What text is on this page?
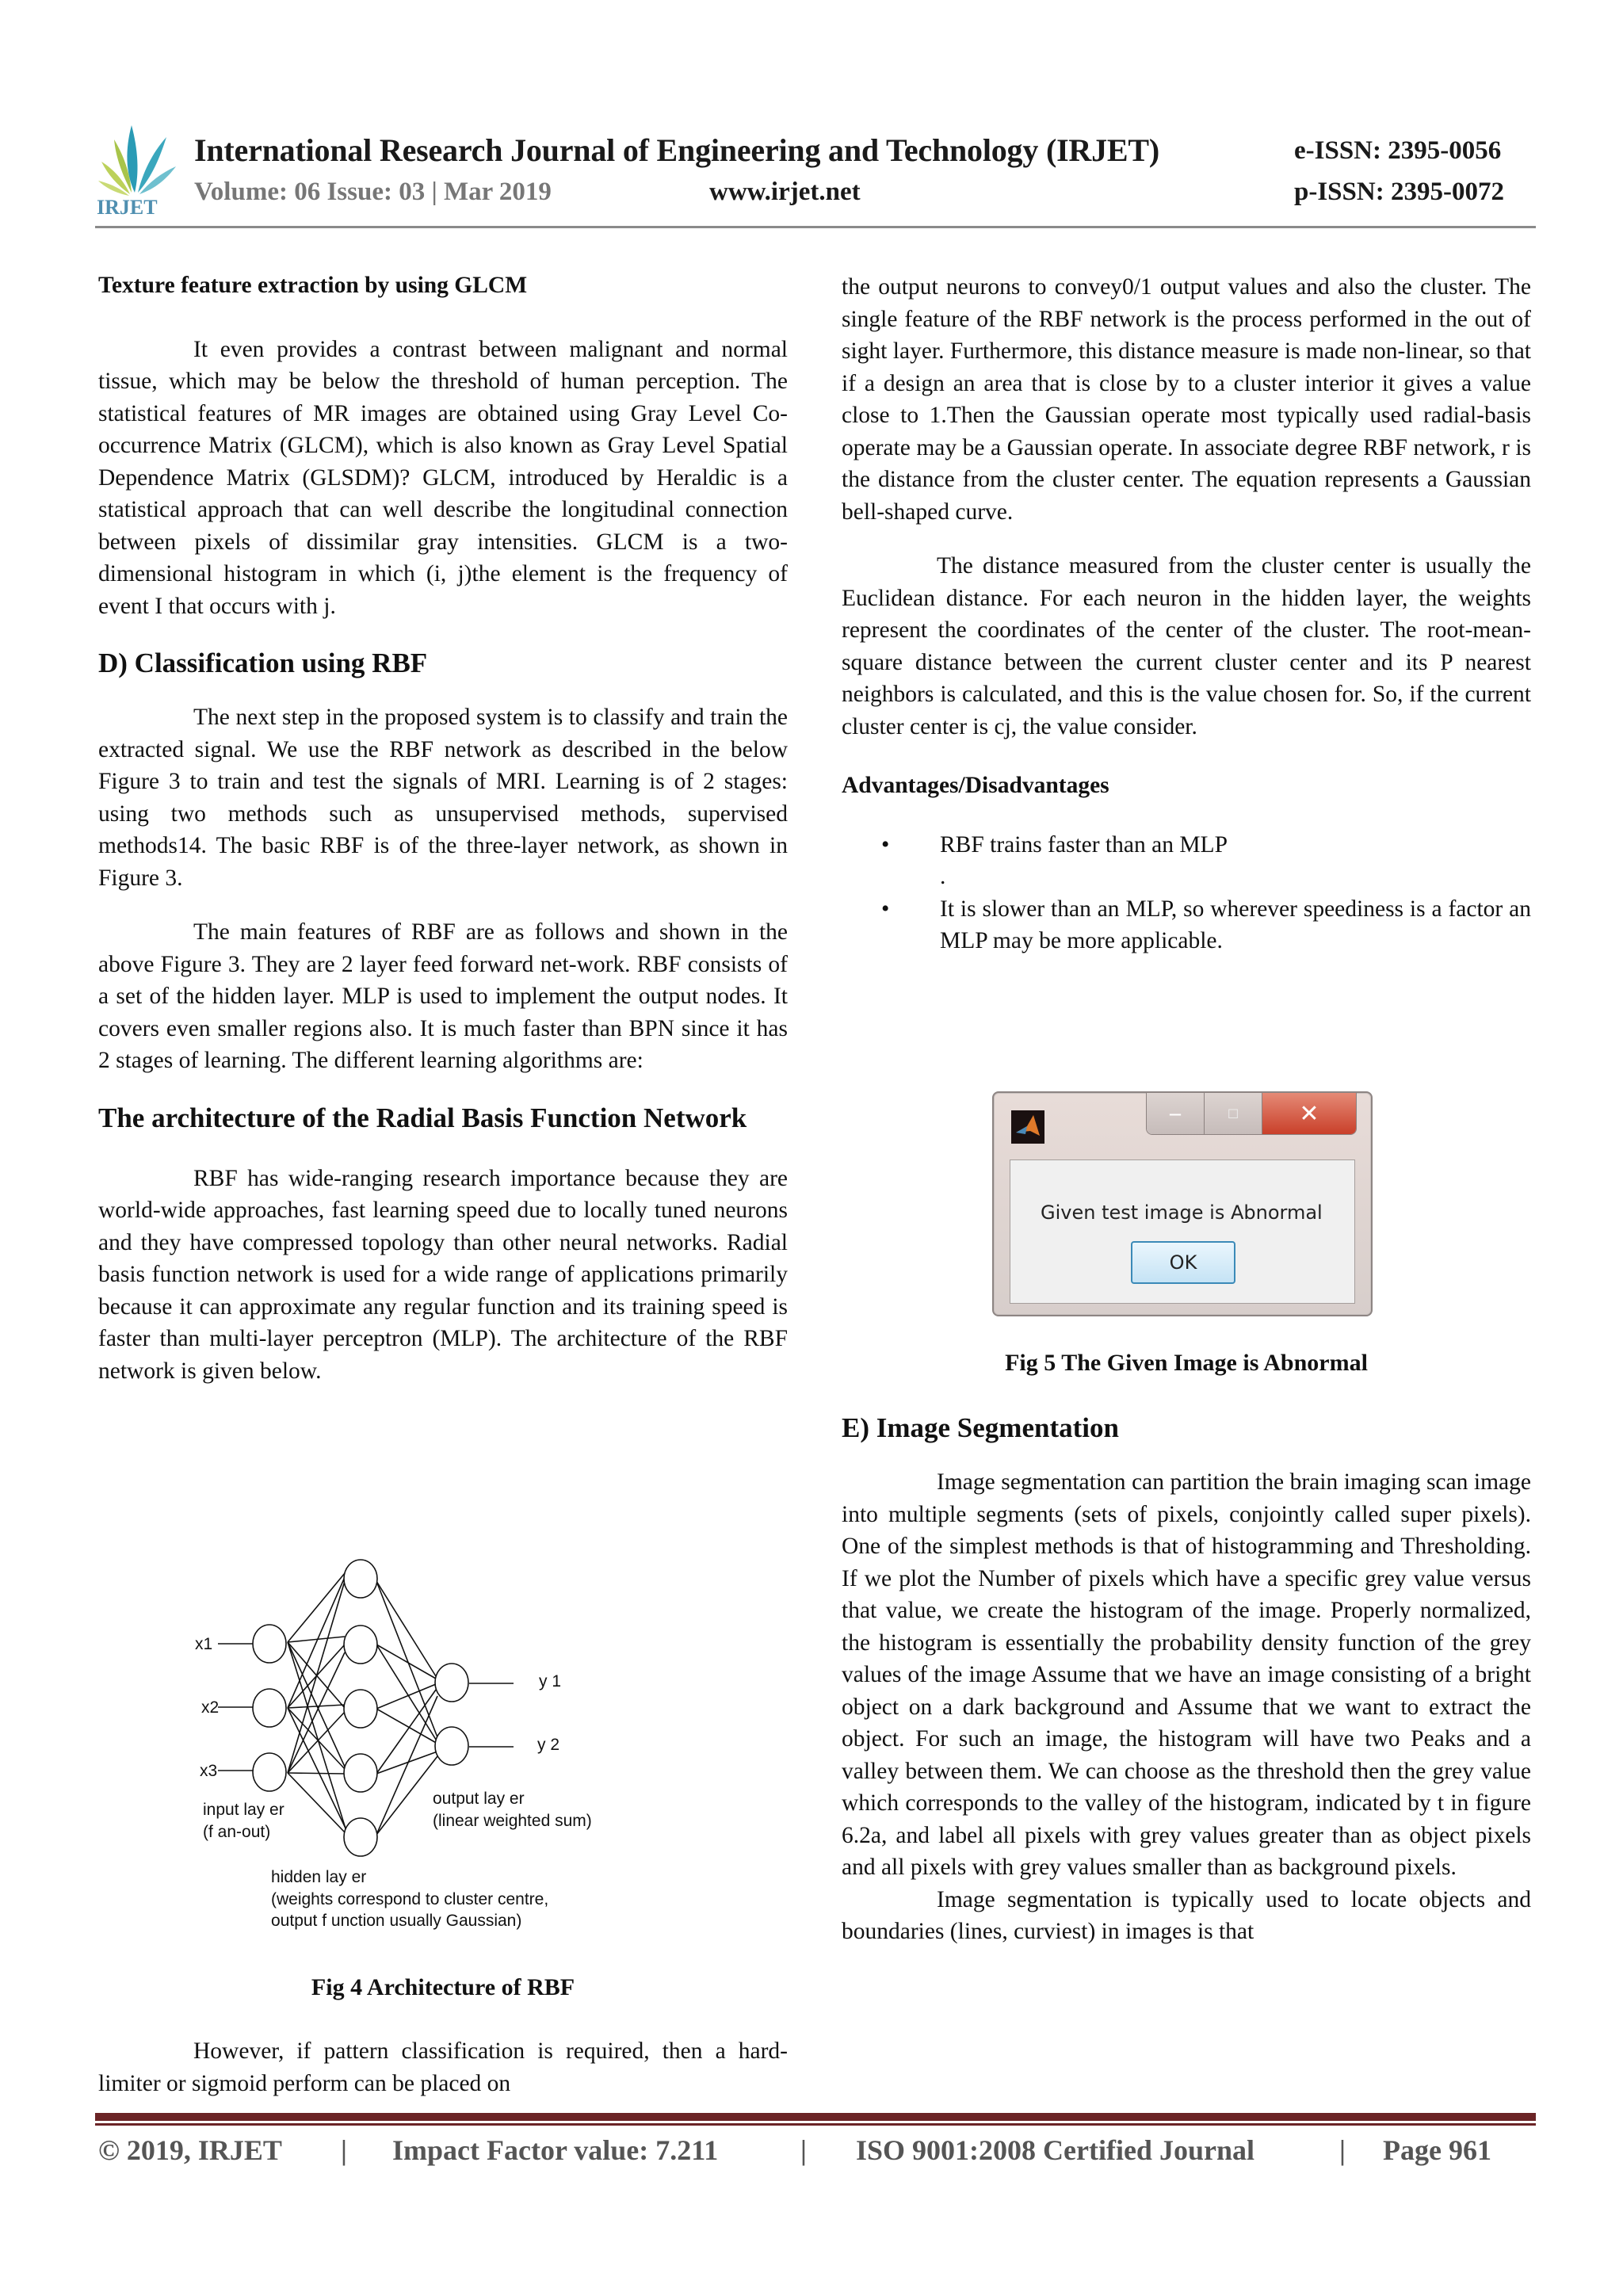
IRJET
International Research Journal of Engineering and Technology (IRJET)	e-ISSN: 2395-0056
Volume: 06 Issue: 03 | Mar 2019	www.irjet.net	p-ISSN: 2395-0072

Texture feature extraction by using GLCM

It even provides a contrast between malignant and normal tissue, which may be below the threshold of human perception. The statistical features of MR images are obtained using Gray Level Co-occurrence Matrix (GLCM), which is also known as Gray Level Spatial Dependence Matrix (GLSDM)? GLCM, introduced by Heraldic is a statistical approach that can well describe the longitudinal connection between pixels of dissimilar gray intensities. GLCM is a two-dimensional histogram in which (i, j)the element is the frequency of event I that occurs with j.

D) Classification using RBF

The next step in the proposed system is to classify and train the extracted signal. We use the RBF network as described in the below Figure 3 to train and test the signals of MRI. Learning is of 2 stages: using two methods such as unsupervised methods, supervised methods14. The basic RBF is of the three-layer network, as shown in Figure 3.

The main features of RBF are as follows and shown in the above Figure 3. They are 2 layer feed forward net-work. RBF consists of a set of the hidden layer. MLP is used to implement the output nodes. It covers even smaller regions also. It is much faster than BPN since it has 2 stages of learning. The different learning algorithms are:

The architecture of the Radial Basis Function Network

RBF has wide-ranging research importance because they are world-wide approaches, fast learning speed due to locally tuned neurons and they have compressed topology than other neural networks. Radial basis function network is used for a wide range of applications primarily because it can approximate any regular function and its training speed is faster than multi-layer perceptron (MLP). The architecture of the RBF network is given below.

x1
x2
x3
y 1
y 2
input lay er
(f an-out)
output lay er
(linear weighted sum)
hidden lay er
(weights correspond to cluster centre,
output f unction usually Gaussian)
Fig 4 Architecture of RBF

However, if pattern classification is required, then a hard-limiter or sigmoid perform can be placed on

the output neurons to convey0/1 output values and also the cluster. The single feature of the RBF network is the process performed in the out of sight layer. Furthermore, this distance measure is made non-linear, so that if a design an area that is close by to a cluster interior it gives a value close to 1.Then the Gaussian operate most typically used radial-basis operate may be a Gaussian operate. In associate degree RBF network, r is the distance from the cluster center. The equation represents a Gaussian bell-shaped curve.

The distance measured from the cluster center is usually the Euclidean distance. For each neuron in the hidden layer, the weights represent the coordinates of the center of the cluster. The root-mean-square distance between the current cluster center and its P nearest neighbors is calculated, and this is the value chosen for. So, if the current cluster center is cj, the value consider.

Advantages/Disadvantages

• RBF trains faster than an MLP
.
• It is slower than an MLP, so wherever speediness is a factor an MLP may be more applicable.
—	☐	✕
Given test image is Abnormal
OK
Fig 5 The Given Image is Abnormal

E) Image Segmentation

Image segmentation can partition the brain imaging scan image into multiple segments (sets of pixels, conjointly called super pixels). One of the simplest methods is that of histogramming and Thresholding. If we plot the Number of pixels which have a specific grey value versus that value, we create the histogram of the image. Properly normalized, the histogram is essentially the probability density function of the grey values of the image Assume that we have an image consisting of a bright object on a dark background and Assume that we want to extract the object. For such an image, the histogram will have two Peaks and a valley between them. We can choose as the threshold then the grey value which corresponds to the valley of the histogram, indicated by t in figure 6.2a, and label all pixels with grey values greater than as object pixels and all pixels with grey values smaller than as background pixels.

Image segmentation is typically used to locate objects and boundaries (lines, curviest) in images is that

© 2019, IRJET | Impact Factor value: 7.211	| ISO 9001:2008 Certified Journal	| Page 961
